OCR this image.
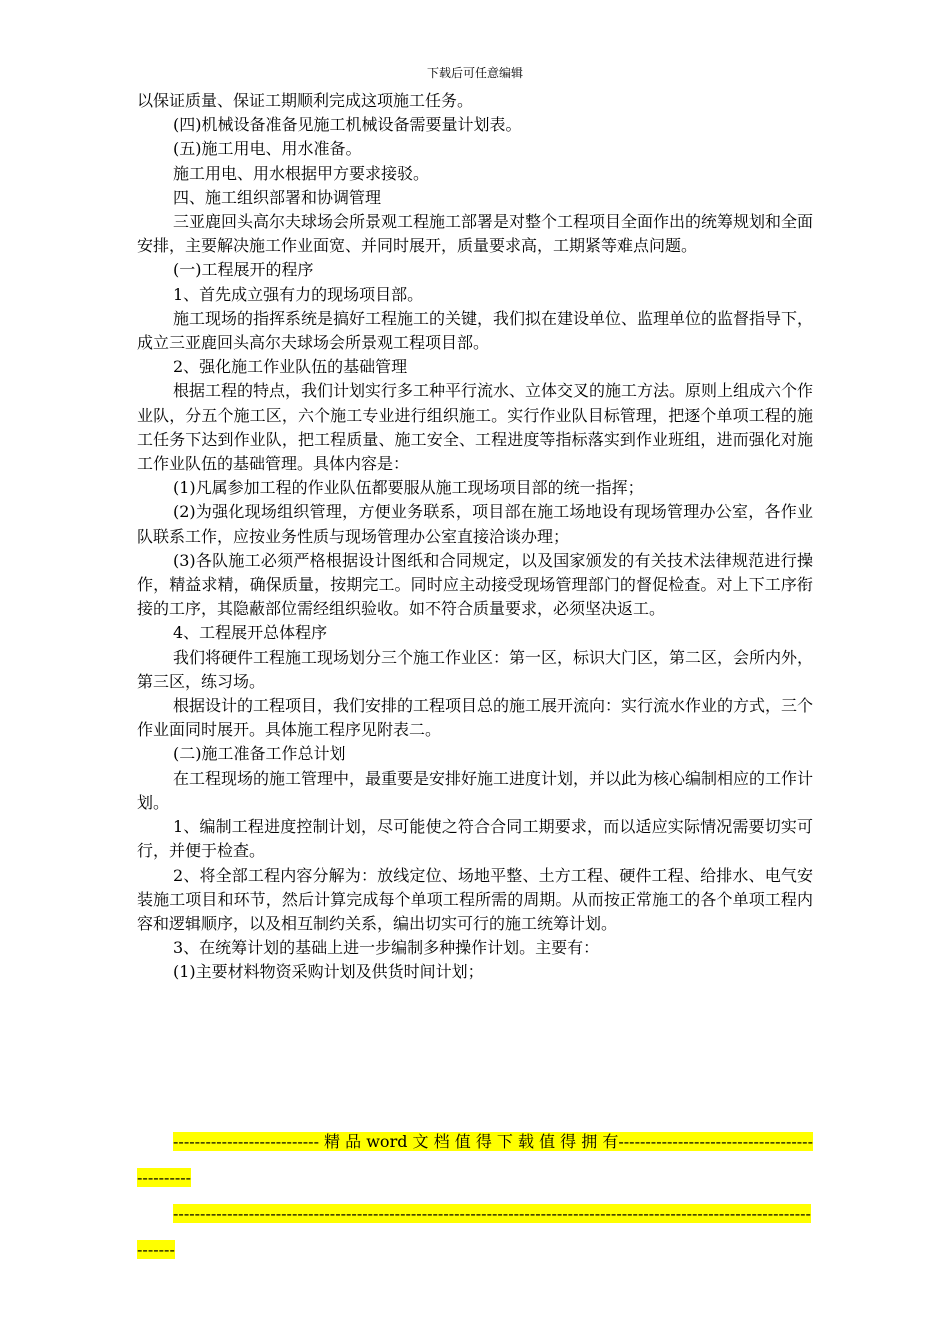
下载后可任意编辑

以保证质量、保证工期顺利完成这项施工任务。

(四)机械设备准备见施工机械设备需要量计划表。

(五)施工用电、用水准备。

施工用电、用水根据甲方要求接驳。

四、施工组织部署和协调管理

三亚鹿回头高尔夫球场会所景观工程施工部署是对整个工程项目全面作出的统筹规划和全面安排，主要解决施工作业面宽、并同时展开，质量要求高，工期紧等难点问题。

(一)工程展开的程序

1、首先成立强有力的现场项目部。

施工现场的指挥系统是搞好工程施工的关键，我们拟在建设单位、监理单位的监督指导下，成立三亚鹿回头高尔夫球场会所景观工程项目部。

2、强化施工作业队伍的基础管理

根据工程的特点，我们计划实行多工种平行流水、立体交叉的施工方法。原则上组成六个作业队，分五个施工区，六个施工专业进行组织施工。实行作业队目标管理，把逐个单项工程的施工任务下达到作业队，把工程质量、施工安全、工程进度等指标落实到作业班组，进而强化对施工作业队伍的基础管理。具体内容是：

(1)凡属参加工程的作业队伍都要服从施工现场项目部的统一指挥；

(2)为强化现场组织管理，方便业务联系，项目部在施工场地设有现场管理办公室，各作业队联系工作，应按业务性质与现场管理办公室直接洽谈办理；

(3)各队施工必须严格根据设计图纸和合同规定，以及国家颁发的有关技术法律规范进行操作，精益求精，确保质量，按期完工。同时应主动接受现场管理部门的督促检查。对上下工序衔接的工序，其隐蔽部位需经组织验收。如不符合质量要求，必须坚决返工。

4、工程展开总体程序

我们将硬件工程施工现场划分三个施工作业区：第一区，标识大门区，第二区，会所内外，第三区，练习场。

根据设计的工程项目，我们安排的工程项目总的施工展开流向：实行流水作业的方式，三个作业面同时展开。具体施工程序见附表二。

(二)施工准备工作总计划

在工程现场的施工管理中，最重要是安排好施工进度计划，并以此为核心编制相应的工作计划。

1、编制工程进度控制计划，尽可能使之符合合同工期要求，而以适应实际情况需要切实可行，并便于检查。

2、将全部工程内容分解为：放线定位、场地平整、土方工程、硬件工程、给排水、电气安装施工项目和环节，然后计算完成每个单项工程所需的周期。从而按正常施工的各个单项工程内容和逻辑顺序，以及相互制约关系，编出切实可行的施工统筹计划。

3、在统筹计划的基础上进一步编制多种操作计划。主要有：

(1)主要材料物资采购计划及供货时间计划；

--------------------------- 精 品 word 文 档 值 得 下 载 值 得 拥 有----------------------------------------------

-----------------------------------------------------------------------------------------------------------------------------
